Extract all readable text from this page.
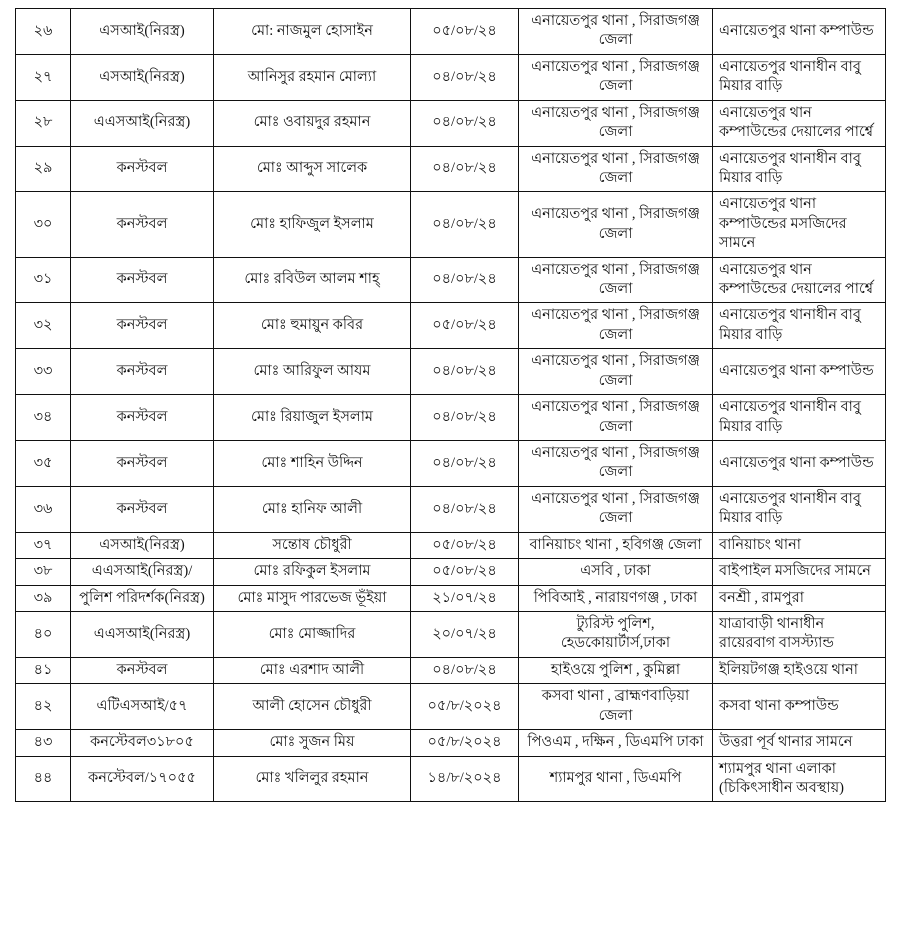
২৬	এসআই(নিরস্ত্র)	মো: নাজমুল হোসাইন	০৫/০৮/২৪	এনায়েতপুর থানা , সিরাজগঞ্জ জেলা	এনায়েতপুর থানা কম্পাউন্ড
২৭	এসআই(নিরস্ত্র)	আনিসুর রহমান মোল্যা	০৪/০৮/২৪	এনায়েতপুর থানা , সিরাজগঞ্জ জেলা	এনায়েতপুর থানাধীন বাবু মিয়ার বাড়ি
২৮	এএসআই(নিরস্ত্র)	মোঃ ওবায়দুর রহমান	০৪/০৮/২৪	এনায়েতপুর থানা , সিরাজগঞ্জ জেলা	এনায়েতপুর থান কম্পাউন্ডের দেয়ালের পার্শ্বে
২৯	কনস্টবল	মোঃ আব্দুস সালেক	০৪/০৮/২৪	এনায়েতপুর থানা , সিরাজগঞ্জ জেলা	এনায়েতপুর থানাধীন বাবু মিয়ার বাড়ি
৩০	কনস্টবল	মোঃ হাফিজুল ইসলাম	০৪/০৮/২৪	এনায়েতপুর থানা , সিরাজগঞ্জ জেলা	এনায়েতপুর থানা কম্পাউন্ডের মসজিদের সামনে
৩১	কনস্টবল	মোঃ রবিউল আলম শাহ্	০৪/০৮/২৪	এনায়েতপুর থানা , সিরাজগঞ্জ জেলা	এনায়েতপুর থান কম্পাউন্ডের দেয়ালের পার্শ্বে
৩২	কনস্টবল	মোঃ হুমায়ুন কবির	০৫/০৮/২৪	এনায়েতপুর থানা , সিরাজগঞ্জ জেলা	এনায়েতপুর থানাধীন বাবু মিয়ার বাড়ি
৩৩	কনস্টবল	মোঃ আরিফুল আযম	০৪/০৮/২৪	এনায়েতপুর থানা , সিরাজগঞ্জ জেলা	এনায়েতপুর থানা কম্পাউন্ড
৩৪	কনস্টবল	মোঃ রিয়াজুল ইসলাম	০৪/০৮/২৪	এনায়েতপুর থানা , সিরাজগঞ্জ জেলা	এনায়েতপুর থানাধীন বাবু মিয়ার বাড়ি
৩৫	কনস্টবল	মোঃ শাহিন উদ্দিন	০৪/০৮/২৪	এনায়েতপুর থানা , সিরাজগঞ্জ জেলা	এনায়েতপুর থানা কম্পাউন্ড
৩৬	কনস্টবল	মোঃ হানিফ আলী	০৪/০৮/২৪	এনায়েতপুর থানা , সিরাজগঞ্জ জেলা	এনায়েতপুর থানাধীন বাবু মিয়ার বাড়ি
৩৭	এসআই(নিরস্ত্র)	সন্তোষ চৌধুরী	০৫/০৮/২৪	বানিয়াচং থানা , হবিগঞ্জ জেলা	বানিয়াচং থানা
৩৮	এএসআই(নিরস্ত্র)/	মোঃ রফিকুল ইসলাম	০৫/০৮/২৪	এসবি , ঢাকা	বাইপাইল মসজিদের সামনে
৩৯	পুলিশ পরিদর্শক(নিরস্ত্র)	মোঃ মাসুদ পারভেজ ভূঁইয়া	২১/০৭/২৪	পিবিআই , নারায়ণগঞ্জ , ঢাকা	বনশ্রী , রামপুরা
৪০	এএসআই(নিরস্ত্র)	মোঃ মোজ্জাদির	২০/০৭/২৪	ট্যুরিস্ট পুলিশ, হেডকোয়ার্টার্স,ঢাকা	যাত্রাবাড়ী থানাধীন রায়েরবাগ বাসস্ট্যান্ড
৪১	কনস্টবল	মোঃ এরশাদ আলী	০৪/০৮/২৪	হাইওয়ে পুলিশ , কুমিল্লা	ইলিয়টগঞ্জ হাইওয়ে থানা
৪২	এটিএসআই/৫৭	আলী হোসেন চৌধুরী	০৫/৮/২০২৪	কসবা থানা , ব্রাহ্মণবাড়িয়া জেলা	কসবা থানা কম্পাউন্ড
৪৩	কনস্টেবল৩১৮০৫	মোঃ সুজন মিয়	০৫/৮/২০২৪	পিওএম , দক্ষিন , ডিএমপি ঢাকা	উত্তরা পূর্ব থানার সামনে
৪৪	কনস্টেবল/১৭০৫৫	মোঃ খলিলুর রহমান	১৪/৮/২০২৪	শ্যামপুর থানা , ডিএমপি	শ্যামপুর থানা এলাকা (চিকিৎসাধীন অবস্থায়)
